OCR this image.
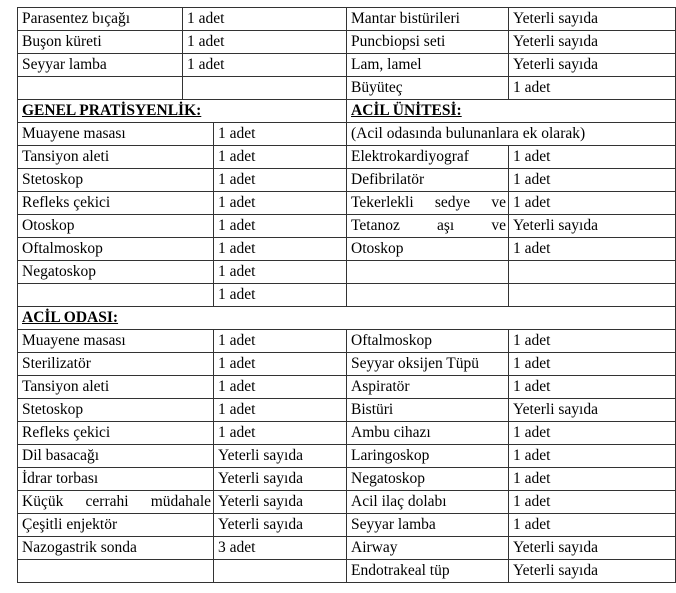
Parasentez bıçağı	1 adet		Mantar bistürileri	Yeterli sayıda
Buşon küreti	1 adet		Puncbiopsi seti	Yeterli sayıda
Seyyar lamba	1 adet		Lam, lamel	Yeterli sayıda
			Büyüteç	1 adet
GENEL PRATİSYENLİK:			ACİL ÜNİTESİ:	
Muayene masası		1 adet	(Acil odasında bulunanlara ek olarak)	
Tansiyon aleti		1 adet	Elektrokardiyograf	1 adet
Stetoskop		1 adet	Defibrilatör	1 adet
Refleks çekici		1 adet	Tekerlekli sedye ve	1 adet
Otoskop		1 adet	Tetanoz aşı ve	Yeterli sayıda
Oftalmoskop		1 adet	Otoskop	1 adet
Negatoskop		1 adet		
		1 adet		
ACİL ODASI:				
Muayene masası		1 adet	Oftalmoskop	1 adet
Sterilizatör		1 adet	Seyyar oksijen Tüpü	1 adet
Tansiyon aleti		1 adet	Aspiratör	1 adet
Stetoskop		1 adet	Bistüri	Yeterli sayıda
Refleks çekici		1 adet	Ambu cihazı	1 adet
Dil basacağı		Yeterli sayıda	Laringoskop	1 adet
İdrar torbası		Yeterli sayıda	Negatoskop	1 adet
Küçük cerrahi müdahale		Yeterli sayıda	Acil ilaç dolabı	1 adet
Çeşitli enjektör		Yeterli sayıda	Seyyar lamba	1 adet
Nazogastrik sonda		3 adet	Airway	Yeterli sayıda
			Endotrakeal tüp	Yeterli sayıda
